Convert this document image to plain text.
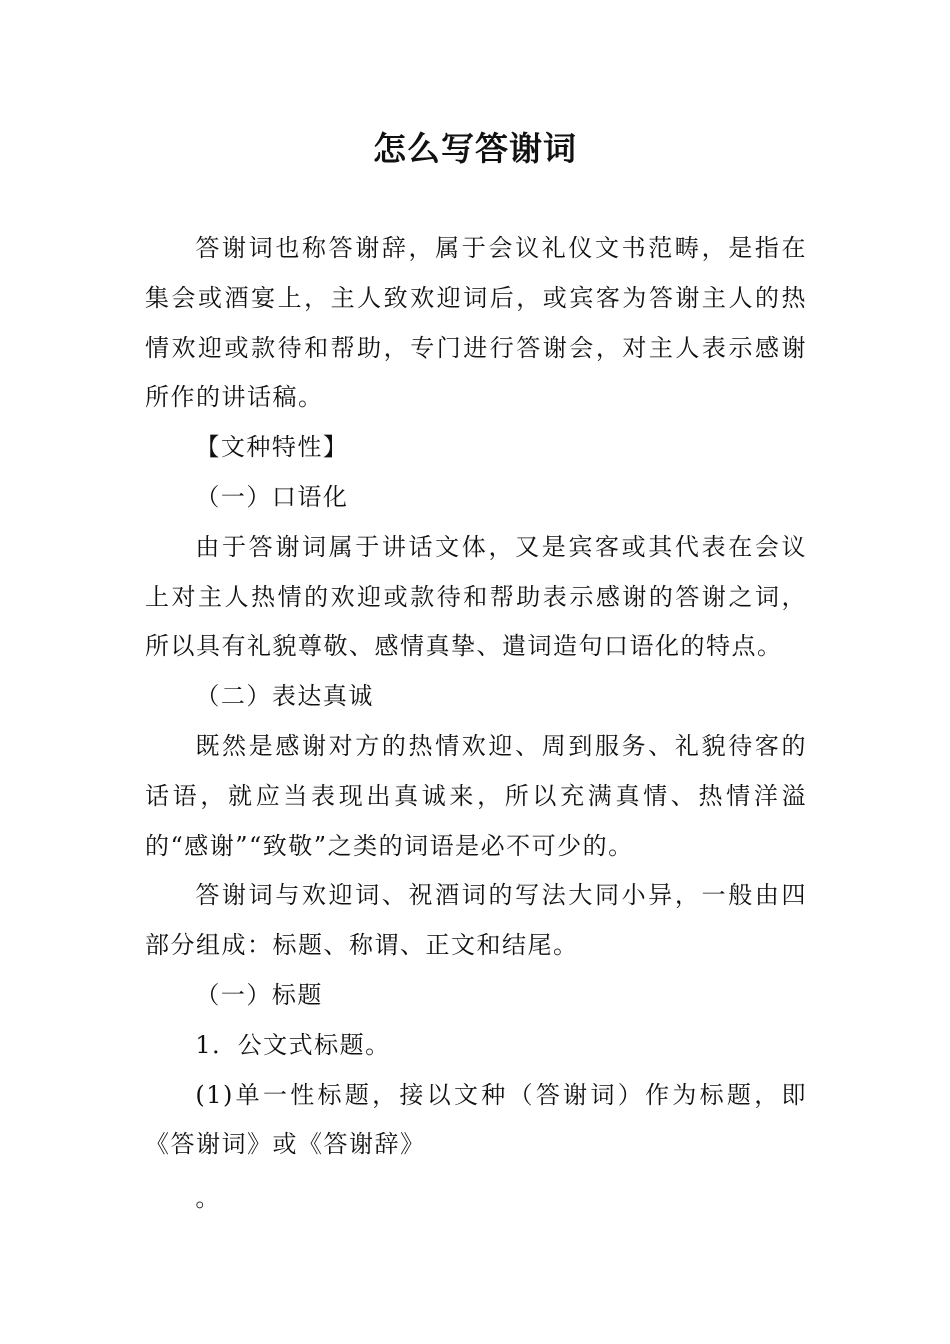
怎么写答谢词

答谢词也称答谢辞，属于会议礼仪文书范畴，是指在集会或酒宴上，主人致欢迎词后，或宾客为答谢主人的热情欢迎或款待和帮助，专门进行答谢会，对主人表示感谢所作的讲话稿。

【文种特性】

（一）口语化

由于答谢词属于讲话文体，又是宾客或其代表在会议上对主人热情的欢迎或款待和帮助表示感谢的答谢之词，所以具有礼貌尊敬、感情真挚、遣词造句口语化的特点。

（二）表达真诚

既然是感谢对方的热情欢迎、周到服务、礼貌待客的话语，就应当表现出真诚来，所以充满真情、热情洋溢的“感谢”“致敬”之类的词语是必不可少的。

答谢词与欢迎词、祝酒词的写法大同小异，一般由四部分组成：标题、称谓、正文和结尾。

（一）标题

1．公文式标题。

(1)单一性标题，接以文种（答谢词）作为标题，即《答谢词》或《答谢辞》

。
